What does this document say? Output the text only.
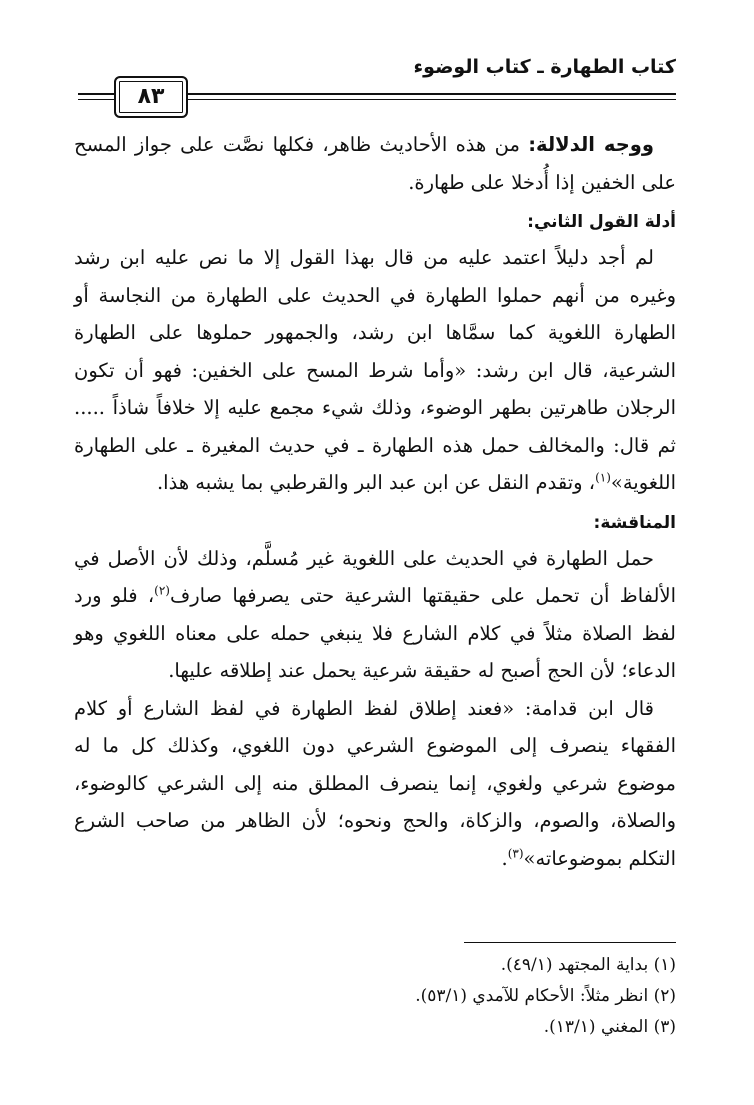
كتاب الطهارة ـ كتاب الوضوء
٨٣

ووجه الدلالة: من هذه الأحاديث ظاهر، فكلها نصَّت على جواز المسح على الخفين إذا أُدخلا على طهارة.

أدلة القول الثاني:

لم أجد دليلاً اعتمد عليه من قال بهذا القول إلا ما نص عليه ابن رشد وغيره من أنهم حملوا الطهارة في الحديث على الطهارة من النجاسة أو الطهارة اللغوية كما سمَّاها ابن رشد، والجمهور حملوها على الطهارة الشرعية، قال ابن رشد: «وأما شرط المسح على الخفين: فهو أن تكون الرجلان طاهرتين بطهر الوضوء، وذلك شيء مجمع عليه إلا خلافاً شاذاً ..... ثم قال: والمخالف حمل هذه الطهارة ـ في حديث المغيرة ـ على الطهارة اللغوية»$^{(١)}$، وتقدم النقل عن ابن عبد البر والقرطبي بما يشبه هذا.

المناقشة:

حمل الطهارة في الحديث على اللغوية غير مُسلَّم، وذلك لأن الأصل في الألفاظ أن تحمل على حقيقتها الشرعية حتى يصرفها صارف$^{(٢)}$، فلو ورد لفظ الصلاة مثلاً في كلام الشارع فلا ينبغي حمله على معناه اللغوي وهو الدعاء؛ لأن الحج أصبح له حقيقة شرعية يحمل عند إطلاقه عليها.

قال ابن قدامة: «فعند إطلاق لفظ الطهارة في لفظ الشارع أو كلام الفقهاء ينصرف إلى الموضوع الشرعي دون اللغوي، وكذلك كل ما له موضوع شرعي ولغوي، إنما ينصرف المطلق منه إلى الشرعي كالوضوء، والصلاة، والصوم، والزكاة، والحج ونحوه؛ لأن الظاهر من صاحب الشرع التكلم بموضوعاته»$^{(٣)}$.

(١) بداية المجتهد (٤٩/١).
(٢) انظر مثلاً: الأحكام للآمدي (٥٣/١).
(٣) المغني (١٣/١).
